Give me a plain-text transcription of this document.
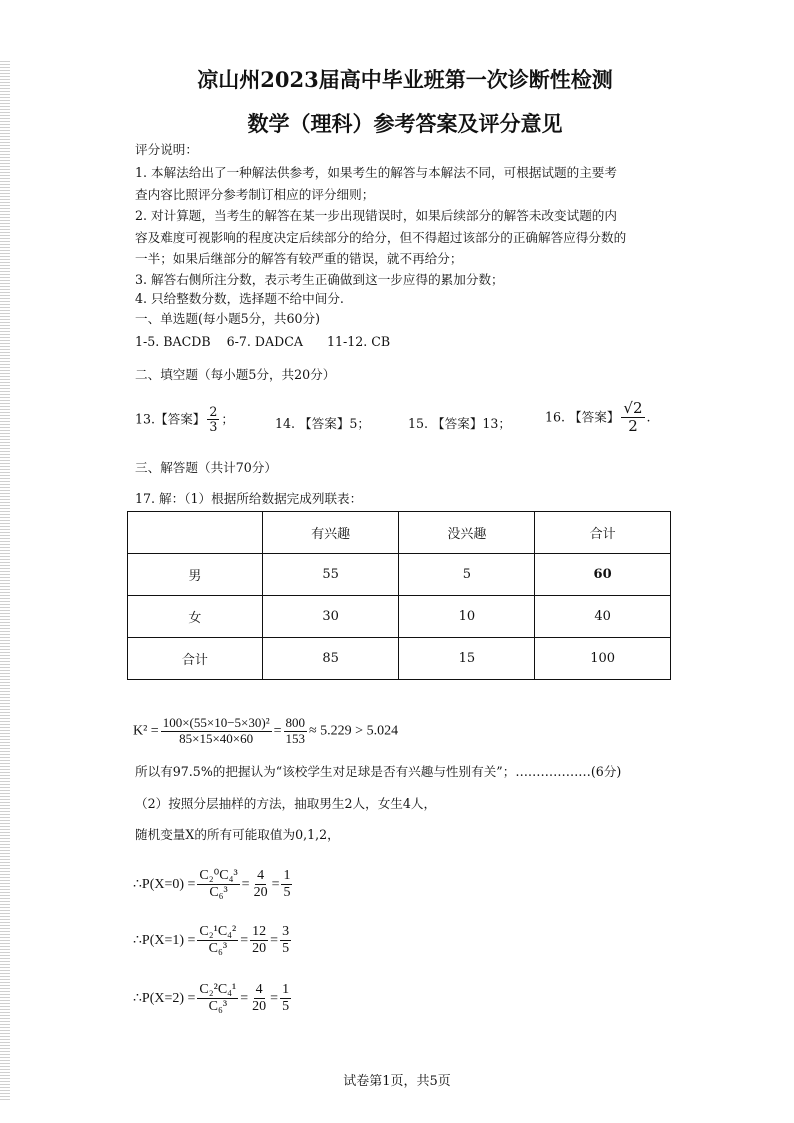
凉山州2023届高中毕业班第一次诊断性检测
数学（理科）参考答案及评分意见
评分说明：
1. 本解法给出了一种解法供参考，如果考生的解答与本解法不同，可根据试题的主要考
查内容比照评分参考制订相应的评分细则；
2. 对计算题，当考生的解答在某一步出现错误时，如果后续部分的解答未改变试题的内
容及难度可视影响的程度决定后续部分的给分，但不得超过该部分的正确解答应得分数的
一半；如果后继部分的解答有较严重的错误，就不再给分；
3. 解答右侧所注分数，表示考生正确做到这一步应得的累加分数；
4. 只给整数分数，选择题不给中间分.
一、单选题(每小题5分，共60分)
1-5. BACDB    6-7. DADCA      11-12. CB
二、填空题（每小题5分，共20分）
13.【答案】 $\frac{2}{3}$ ；	14. 【答案】5；	15. 【答案】13；	16. 【答案】 $\frac{√2}{2}$ .
三、解答题（共计70分）
17. 解：（1）根据所给数据完成列联表：
	有兴趣	没兴趣	合计
男	55	5	60
女	30	10	40
合计	85	15	100
$K^2 = \frac{\text{100×(55×10−5×30)²}}{85\times 15\times 40\times 60} = \frac{800}{153} \approx 5.229 > 5.024$
所以有97.5%的把握认为“该校学生对足球是否有兴趣与性别有关”；………………(6分)
（2）按照分层抽样的方法，抽取男生2人，女生4人，
随机变量X的所有可能取值为0,1,2，
∴P(X=0) = $\frac{\text{C₂⁰C₄³}}{\text{C₆³}} = \frac{4}{20} = \frac{1}{5}$
∴P(X=1) = $\frac{\text{C₂¹C₄²}}{\text{C₆³}} = \frac{12}{20} = \frac{3}{5}$
∴P(X=2) = $\frac{\text{C₂²C₄¹}}{\text{C₆³}} = \frac{4}{20} = \frac{1}{5}$
试卷第1页，共5页
